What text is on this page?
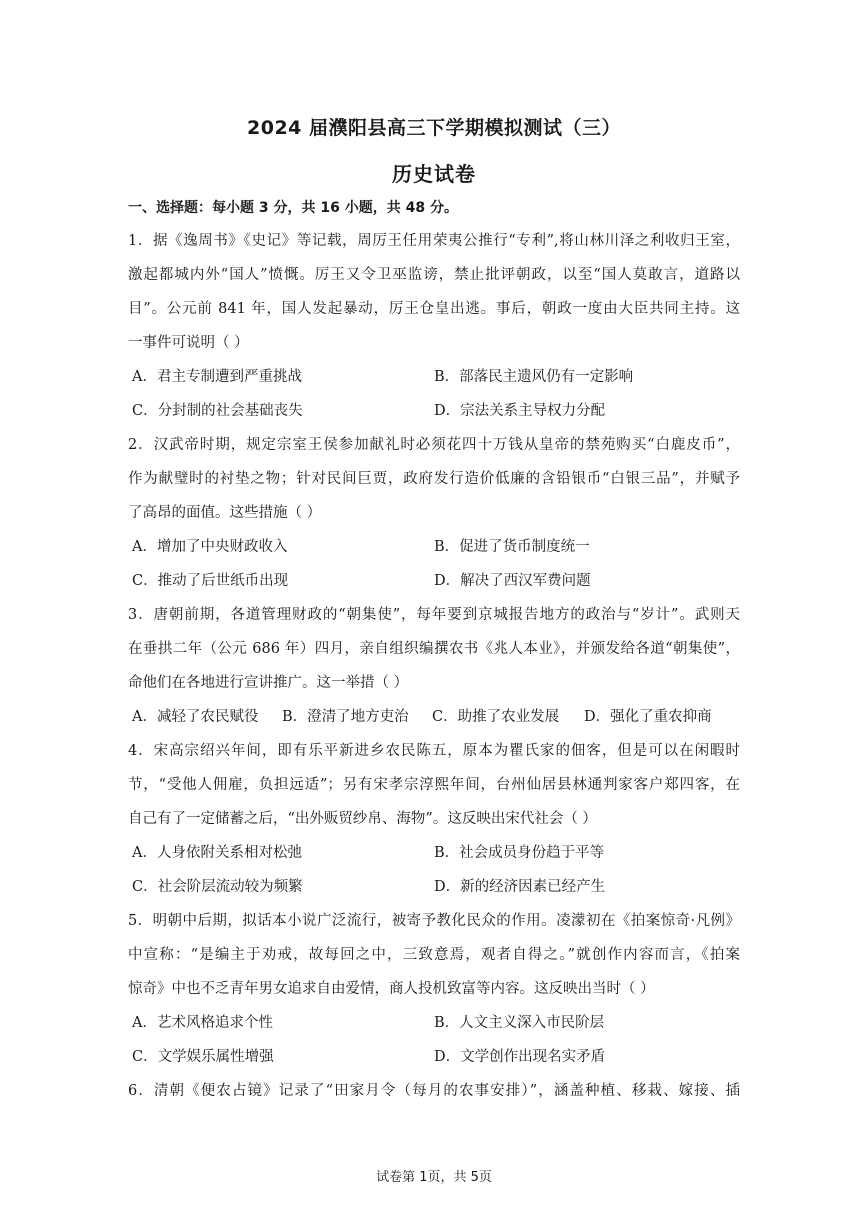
2024 届濮阳县高三下学期模拟测试（三）
历史试卷
一、选择题：每小题 3 分，共 16 小题，共 48 分。
1．据《逸周书》《史记》等记载，周厉王任用荣夷公推行“专利”,将山林川泽之利收归王室，
激起都城内外“国人”愤慨。厉王又令卫巫监谤，禁止批评朝政，以至“国人莫敢言，道路以
目”。公元前 841 年，国人发起暴动，厉王仓皇出逃。事后，朝政一度由大臣共同主持。这
一事件可说明（ ）
A．君主专制遭到严重挑战	B．部落民主遗风仍有一定影响
C．分封制的社会基础丧失	D．宗法关系主导权力分配
2．汉武帝时期，规定宗室王侯参加献礼时必须花四十万钱从皇帝的禁苑购买“白鹿皮币”，
作为献璧时的衬垫之物；针对民间巨贾，政府发行造价低廉的含铅银币“白银三品”，并赋予
了高昂的面值。这些措施（ ）
A．增加了中央财政收入	B．促进了货币制度统一
C．推动了后世纸币出现	D．解决了西汉军费问题
3．唐朝前期，各道管理财政的“朝集使”，每年要到京城报告地方的政治与“岁计”。武则天
在垂拱二年（公元 686 年）四月，亲自组织编撰农书《兆人本业》，并颁发给各道“朝集使”，
命他们在各地进行宣讲推广。这一举措（ ）
A．减轻了农民赋役 B．澄清了地方吏治 C．助推了农业发展 D．强化了重农抑商
4．宋高宗绍兴年间，即有乐平新进乡农民陈五，原本为瞿氏家的佃客，但是可以在闲暇时
节，“受他人佣雇，负担远适”；另有宋孝宗淳熙年间，台州仙居县林通判家客户郑四客，在
自己有了一定储蓄之后，“出外贩贸纱帛、海物”。这反映出宋代社会（ ）
A．人身依附关系相对松弛	B．社会成员身份趋于平等
C．社会阶层流动较为频繁	D．新的经济因素已经产生
5．明朝中后期，拟话本小说广泛流行，被寄予教化民众的作用。凌濛初在《拍案惊奇·凡例》
中宣称：“是编主于劝戒，故每回之中，三致意焉，观者自得之。”就创作内容而言，《拍案
惊奇》中也不乏青年男女追求自由爱情，商人投机致富等内容。这反映出当时（ ）
A．艺术风格追求个性	B．人文主义深入市民阶层
C．文学娱乐属性增强	D．文学创作出现名实矛盾
6．清朝《便农占镜》记录了“田家月令（每月的农事安排）”，涵盖种植、移栽、嫁接、插
试卷第 1页，共 5页
